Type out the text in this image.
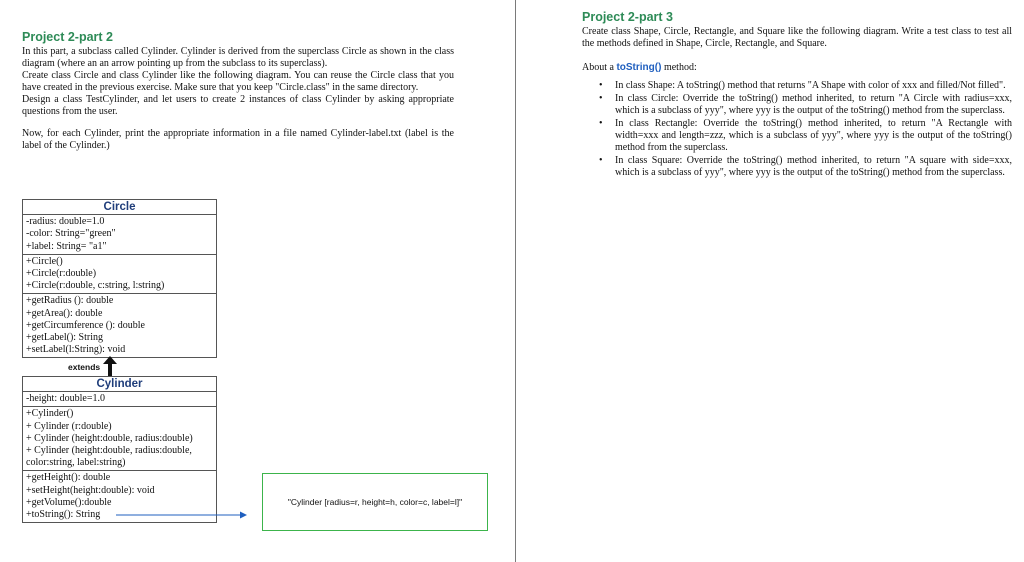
Project 2-part 2

In this part, a subclass called Cylinder. Cylinder is derived from the superclass Circle as shown in the class diagram (where an an arrow pointing up from the subclass to its superclass).

Create class Circle and class Cylinder like the following diagram. You can reuse the Circle class that you have created in the previous exercise. Make sure that you keep "Circle.class" in the same directory.

Design a class TestCylinder, and let users to create 2 instances of class Cylinder by asking appropriate questions from the user.

Now, for each Cylinder, print the appropriate information in a file named Cylinder-label.txt (label is the label of the Cylinder.)

Circle
-radius: double=1.0
-color: String="green"
+label: String= "a1"
+Circle()
+Circle(r:double)
+Circle(r:double, c:string, l:string)
+getRadius (): double
+getArea(): double
+getCircumference (): double
+getLabel(): String
+setLabel(l:String): void
extends
Cylinder
-height: double=1.0
+Cylinder()
+ Cylinder (r:double)
+ Cylinder (height:double, radius:double)
+ Cylinder (height:double, radius:double, color:string, label:string)
+getHeight(): double
+setHeight(height:double): void
+getVolume():double
+toString(): String
"Cylinder [radius=r, height=h, color=c, label=l]"
Project 2-part 3

Create class Shape, Circle, Rectangle, and Square like the following diagram. Write a test class to test all the methods defined in Shape, Circle, Rectangle, and Square.

About a toString() method:
• In class Shape: A toString() method that returns "A Shape with color of xxx and filled/Not filled".
• In class Circle: Override the toString() method inherited, to return "A Circle with radius=xxx, which is a subclass of yyy", where yyy is the output of the toString() method from the superclass.
• In class Rectangle: Override the toString() method inherited, to return "A Rectangle with width=xxx and length=zzz, which is a subclass of yyy", where yyy is the output of the toString() method from the superclass.
• In class Square: Override the toString() method inherited, to return "A square with side=xxx, which is a subclass of yyy", where yyy is the output of the toString() method from the superclass.
